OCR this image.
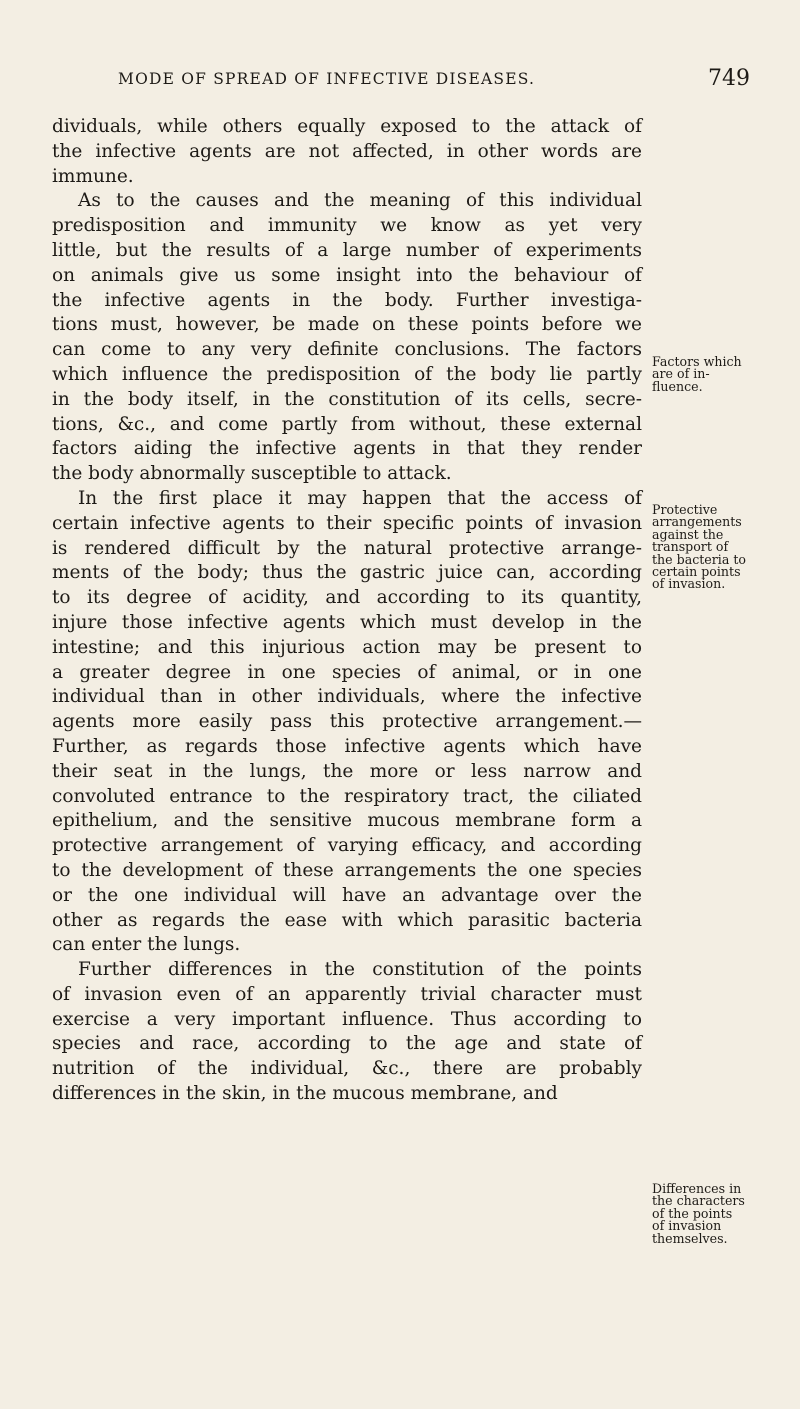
MODE OF SPREAD OF INFECTIVE DISEASES.	749
dividuals, while others equally exposed to the attack of
the infective agents are not affected, in other words are
immune.
As to the causes and the meaning of this individual
predisposition and immunity we know as yet very
little, but the results of a large number of experiments
on animals give us some insight into the behaviour of
the infective agents in the body. Further investiga-
tions must, however, be made on these points before we
can come to any very definite conclusions. The factors
which influence the predisposition of the body lie partly
in the body itself, in the constitution of its cells, secre-
tions, &c., and come partly from without, these external
factors aiding the infective agents in that they render
the body abnormally susceptible to attack.
In the first place it may happen that the access of
certain infective agents to their specific points of invasion
is rendered difficult by the natural protective arrange-
ments of the body; thus the gastric juice can, according
to its degree of acidity, and according to its quantity,
injure those infective agents which must develop in the
intestine; and this injurious action may be present to
a greater degree in one species of animal, or in one
individual than in other individuals, where the infective
agents more easily pass this protective arrangement.—
Further, as regards those infective agents which have
their seat in the lungs, the more or less narrow and
convoluted entrance to the respiratory tract, the ciliated
epithelium, and the sensitive mucous membrane form a
protective arrangement of varying efficacy, and according
to the development of these arrangements the one species
or the one individual will have an advantage over the
other as regards the ease with which parasitic bacteria
can enter the lungs.
Further differences in the constitution of the points
of invasion even of an apparently trivial character must
exercise a very important influence. Thus according to
species and race, according to the age and state of
nutrition of the individual, &c., there are probably
differences in the skin, in the mucous membrane, and
Factors which
are of in-
fluence.
Protective
arrangements
against the
transport of
the bacteria to
certain points
of invasion.
Differences in
the characters
of the points
of invasion
themselves.
